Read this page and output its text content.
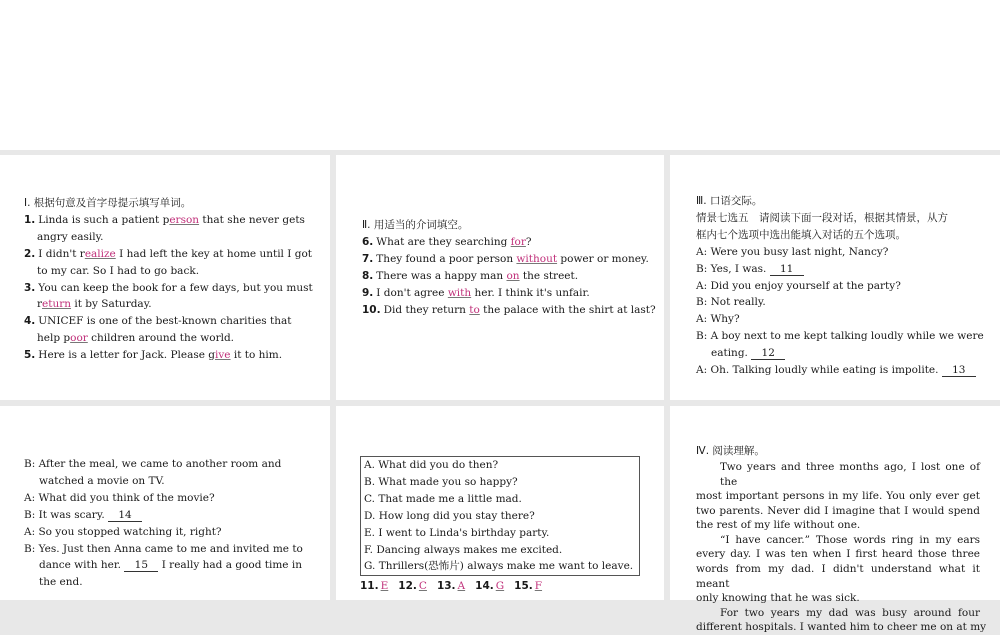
Ⅰ. 根据句意及首字母提示填写单词。
1. Linda is such a patient person that she never gets
angry easily.
2. I didn't realize I had left the key at home until I got
to my car. So I had to go back.
3. You can keep the book for a few days, but you must
return it by Saturday.
4. UNICEF is one of the best-known charities that
help poor children around the world.
5. Here is a letter for Jack. Please give it to him.
Ⅱ. 用适当的介词填空。
6. What are they searching for?
7. They found a poor person without power or money.
8. There was a happy man on the street.
9. I don't agree with her. I think it's unfair.
10. Did they return to the palace with the shirt at last?
Ⅲ. 口语交际。
情景七选五　请阅读下面一段对话，根据其情景，从方
框内七个选项中选出能填入对话的五个选项。
A: Were you busy last night, Nancy?
B: Yes, I was. 11
A: Did you enjoy yourself at the party?
B: Not really.
A: Why?
B: A boy next to me kept talking loudly while we were
eating. 12
A: Oh. Talking loudly while eating is impolite. 13
B: After the meal, we came to another room and
watched a movie on TV.
A: What did you think of the movie?
B: It was scary. 14
A: So you stopped watching it, right?
B: Yes. Just then Anna came to me and invited me to
dance with her. 15 I really had a good time in
the end.
A. What did you do then?
B. What made you so happy?
C. That made me a little mad.
D. How long did you stay there?
E. I went to Linda's birthday party.
F. Dancing always makes me excited.
G. Thrillers(恐怖片) always make me want to leave.
11. E 12. C 13. A 14. G 15. F
Ⅳ. 阅读理解。
Two years and three months ago, I lost one of the
most important persons in my life. You only ever get
two parents. Never did I imagine that I would spend
the rest of my life without one.
“I have cancer.” Those words ring in my ears
every day. I was ten when I first heard those three
words from my dad. I didn't understand what it meant
only knowing that he was sick.
For two years my dad was busy around four
different hospitals. I wanted him to cheer me on at my
